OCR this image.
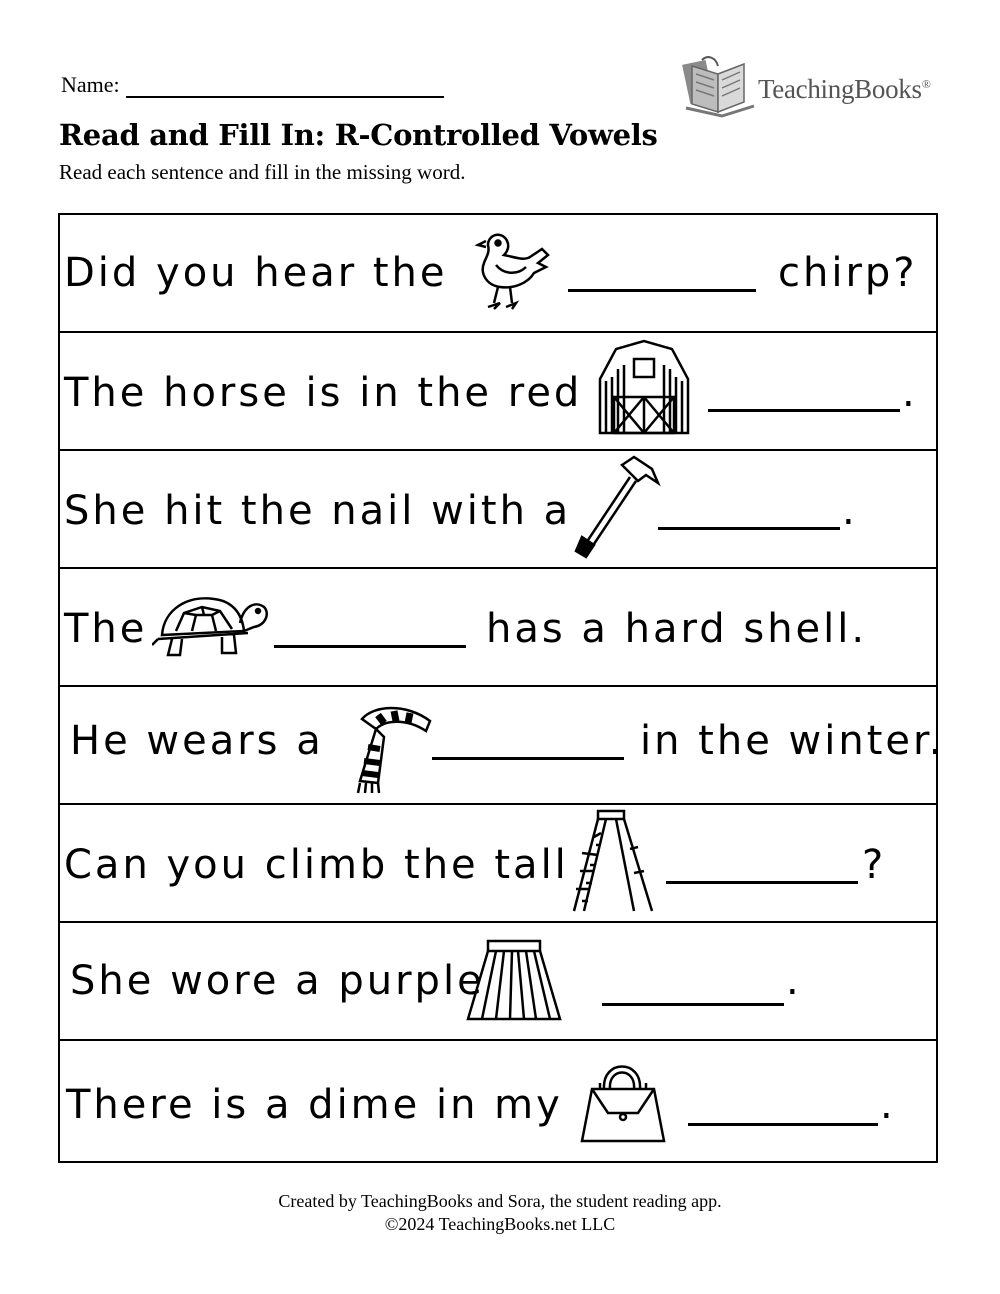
Name:	TeachingBooks®
Read and Fill In: R-Controlled Vowels
Read each sentence and fill in the missing word.
Did you hear the	chirp?
The horse is in the red	.
She hit the nail with a	.
The	has a hard shell.
He wears a	in the winter.
Can you climb the tall	?
She wore a purple	.
There is a dime in my	.
Created by TeachingBooks and Sora, the student reading app.
©2024 TeachingBooks.net LLC
